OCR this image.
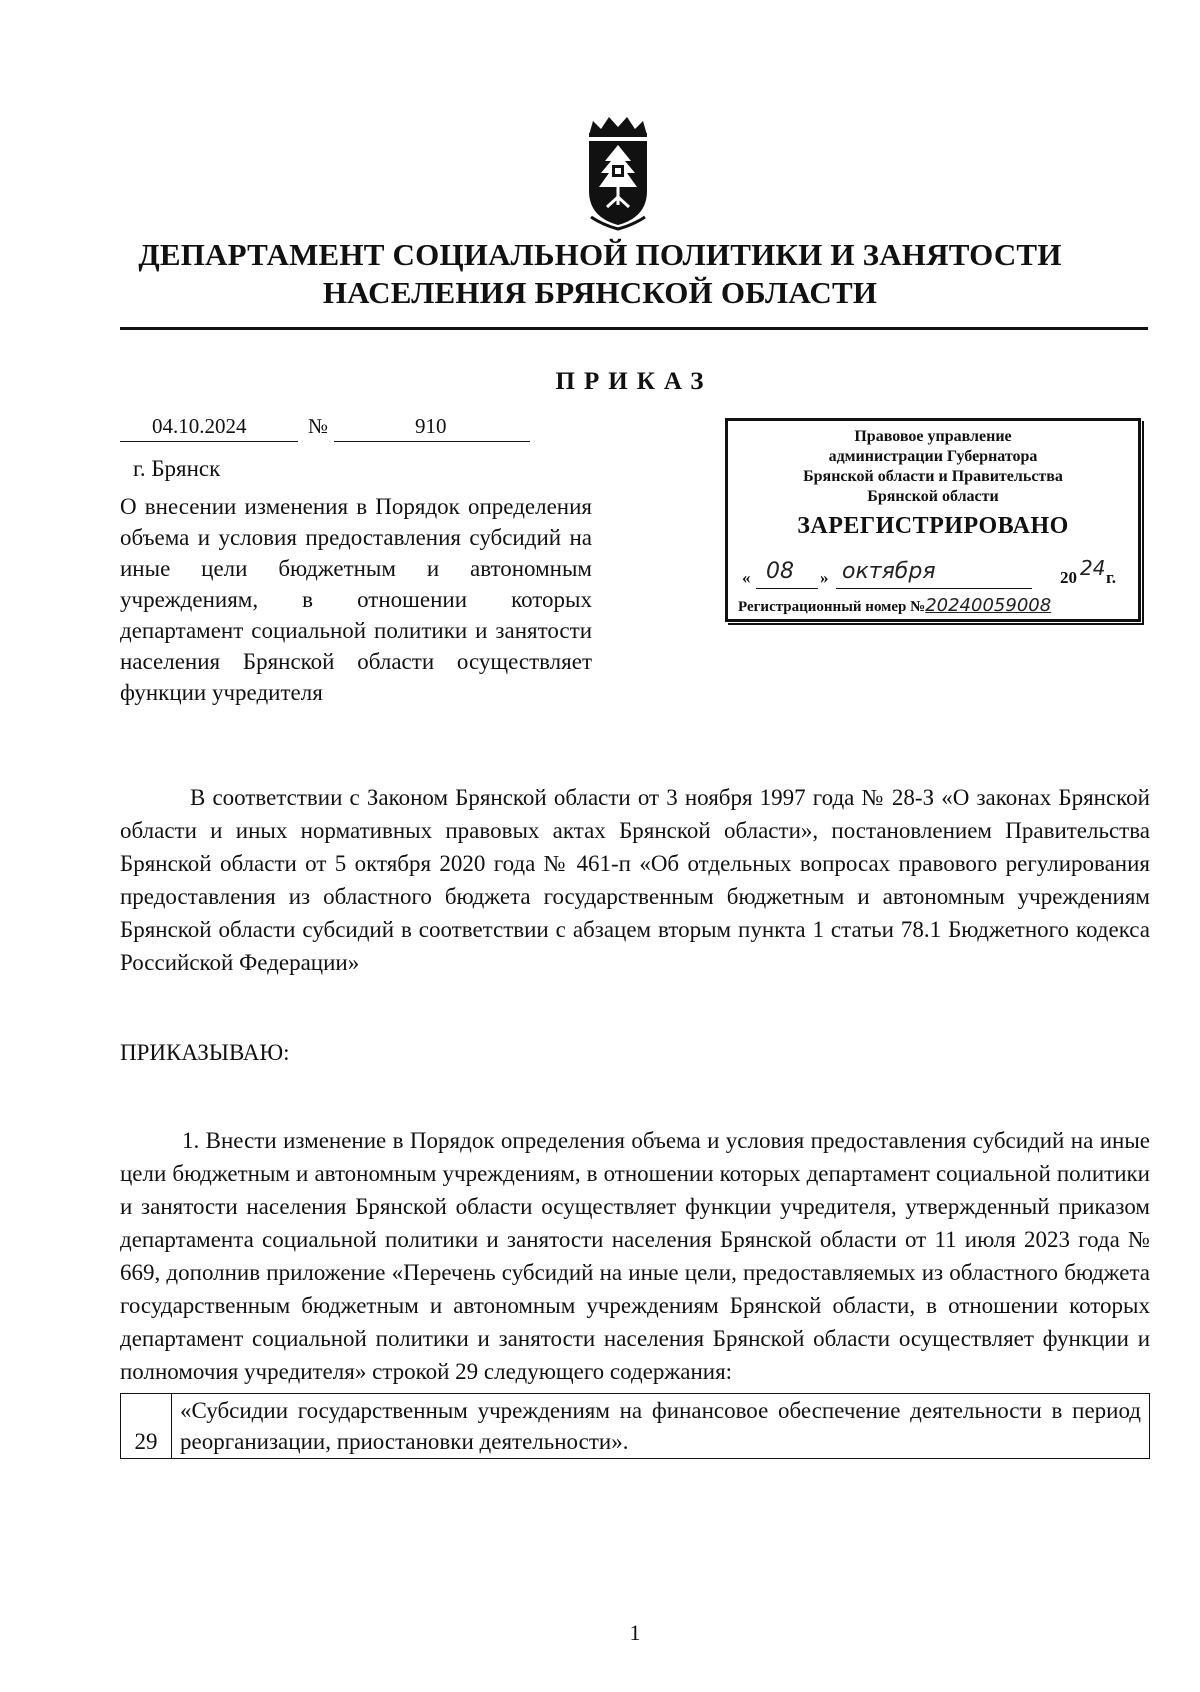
ДЕПАРТАМЕНТ СОЦИАЛЬНОЙ ПОЛИТИКИ И ЗАНЯТОСТИ
НАСЕЛЕНИЯ БРЯНСКОЙ ОБЛАСТИ
ПРИКАЗ
04.10.2024	№	910
г. Брянск
О внесении изменения в Порядок определения объема и условия предоставления субсидий на иные цели бюджетным и автономным учреждениям, в отношении которых департамент социальной политики и занятости населения Брянской области осуществляет функции учредителя
Правовое управление
администрации Губернатора
Брянской области и Правительства
Брянской области
ЗАРЕГИСТРИРОВАНО
« 08 » октября	20 24 г.
Регистрационный номер №20240059008
В соответствии с Законом Брянской области от 3 ноября 1997 года № 28-З «О законах Брянской области и иных нормативных правовых актах Брянской области», постановлением Правительства Брянской области от 5 октября 2020 года № 461-п «Об отдельных вопросах правового регулирования предоставления из областного бюджета государственным бюджетным и автономным учреждениям Брянской области субсидий в соответствии с абзацем вторым пункта 1 статьи 78.1 Бюджетного кодекса Российской Федерации»
ПРИКАЗЫВАЮ:
1. Внести изменение в Порядок определения объема и условия предоставления субсидий на иные цели бюджетным и автономным учреждениям, в отношении которых департамент социальной политики и занятости населения Брянской области осуществляет функции учредителя, утвержденный приказом департамента социальной политики и занятости населения Брянской области от 11 июля 2023 года № 669, дополнив приложение «Перечень субсидий на иные цели, предоставляемых из областного бюджета государственным бюджетным и автономным учреждениям Брянской области, в отношении которых департамент социальной политики и занятости населения Брянской области осуществляет функции и полномочия учредителя» строкой 29 следующего содержания:
29	«Субсидии государственным учреждениям на финансовое обеспечение деятельности в период реорганизации, приостановки деятельности».
1
